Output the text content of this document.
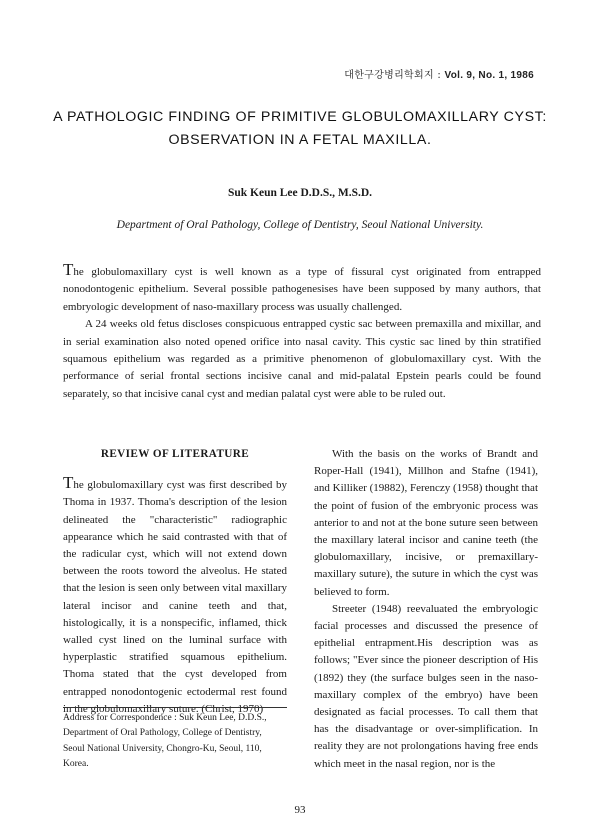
대한구강병리학회지 : Vol. 9, No. 1, 1986
A PATHOLOGIC FINDING OF PRIMITIVE GLOBULOMAXILLARY CYST:
OBSERVATION IN A FETAL MAXILLA.
Suk Keun Lee D.D.S., M.S.D.
Department of Oral Pathology, College of Dentistry, Seoul National University.

The globulomaxillary cyst is well known as a type of fissural cyst originated from entrapped nonodontogenic epithelium. Several possible pathogenesises have been supposed by many authors, that embryologic development of naso-maxillary process was usually challenged.

A 24 weeks old fetus discloses conspicuous entrapped cystic sac between premaxilla and mixillar, and in serial examination also noted opened orifice into nasal cavity. This cystic sac lined by thin stratified squamous epithelium was regarded as a primitive phenomenon of globulomaxillary cyst. With the performance of serial frontal sections incisive canal and mid-palatal Epstein pearls could be found separately, so that incisive canal cyst and median palatal cyst were able to be ruled out.

REVIEW OF LITERATURE

The globulomaxillary cyst was first described by Thoma in 1937. Thoma's description of the lesion delineated the "characteristic" radiographic appearance which he said contrasted with that of the radicular cyst, which will not extend down between the roots toword the alveolus. He stated that the lesion is seen only between vital maxillary lateral incisor and canine teeth and that, histologically, it is a nonspecific, inflamed, thick walled cyst lined on the luminal surface with hyperplastic stratified squamous epithelium. Thoma stated that the cyst developed from entrapped nonodontogenic ectodermal rest found in the globulomaxillary suture. (Christ, 1970)

Address for Correspondence : Suk Keun Lee, D.D.S.,
Department of Oral Pathology, College of Dentistry,
Seoul National University, Chongro-Ku, Seoul, 110,
Korea.

With the basis on the works of Brandt and Roper-Hall (1941), Millhon and Stafne (1941), and Killiker (19882), Ferenczy (1958) thought that the point of fusion of the embryonic process was anterior to and not at the bone suture seen between the maxillary lateral incisor and canine teeth (the globulomaxillary, incisive, or premaxillary-maxillary suture), the suture in which the cyst was believed to form.

Streeter (1948) reevaluated the embryologic facial processes and discussed the presence of epithelial entrapment.His description was as follows; "Ever since the pioneer description of His (1892) they (the surface bulges seen in the naso-maxillary complex of the embryo) have been designated as facial processes. To call them that has the disadvantage or over-simplification. In reality they are not prolongations having free ends which meet in the nasal region, nor is the

93
